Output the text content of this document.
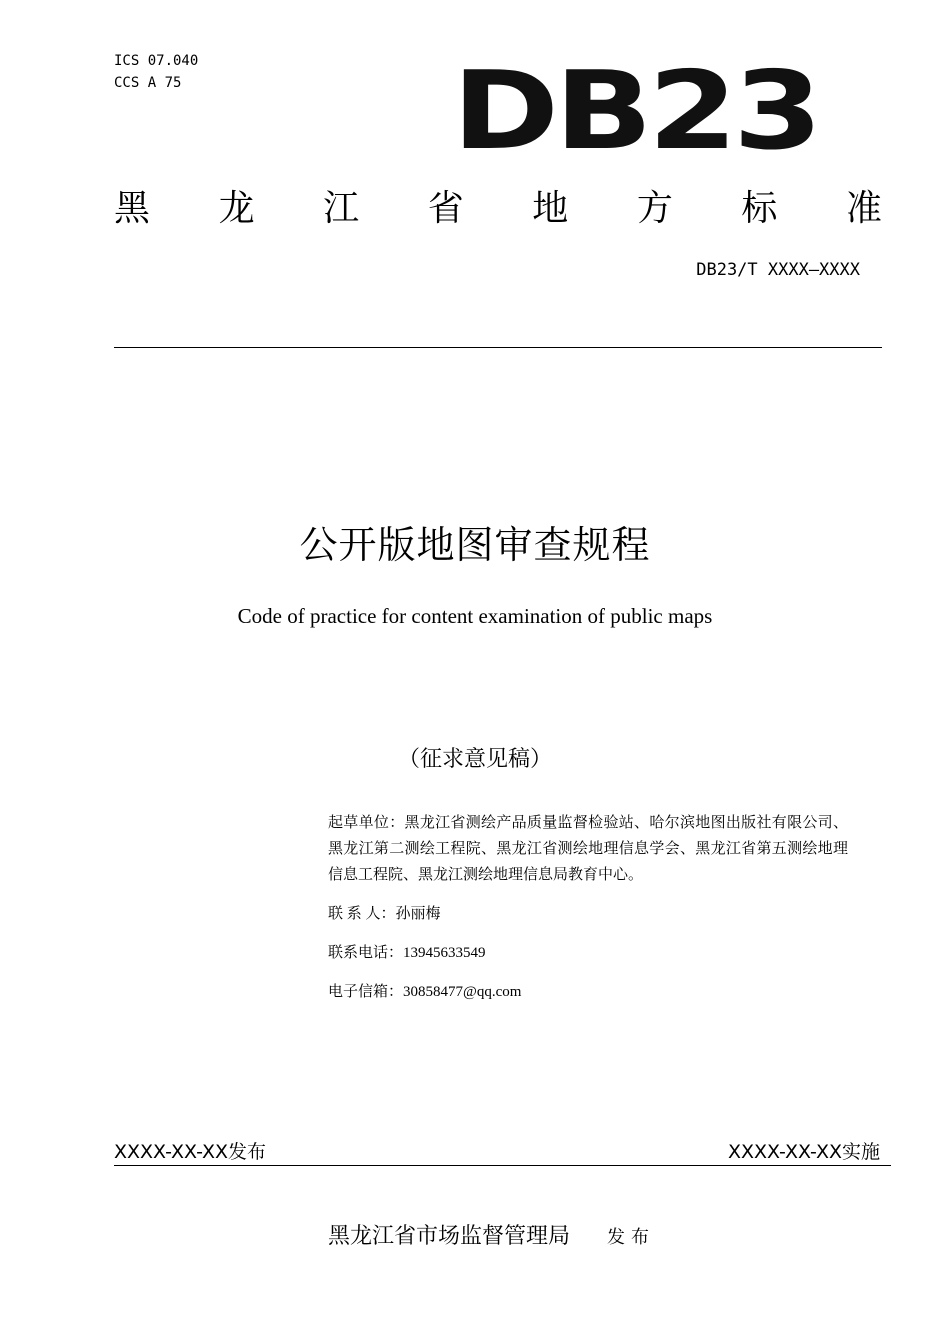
ICS 07.040
CCS A 75	DB23
黑 龙 江 省 地 方 标 准
DB23/T XXXX—XXXX
公开版地图审查规程
Code of practice for content examination of public maps
（征求意见稿）
起草单位：黑龙江省测绘产品质量监督检验站、哈尔滨地图出版社有限公司、黑龙江第二测绘工程院、黑龙江省测绘地理信息学会、黑龙江省第五测绘地理信息工程院、黑龙江测绘地理信息局教育中心。
联 系 人：孙丽梅
联系电话：13945633549
电子信箱：30858477@qq.com
XXXX-XX-XX发布	XXXX-XX-XX实施
黑龙江省市场监督管理局 发布
